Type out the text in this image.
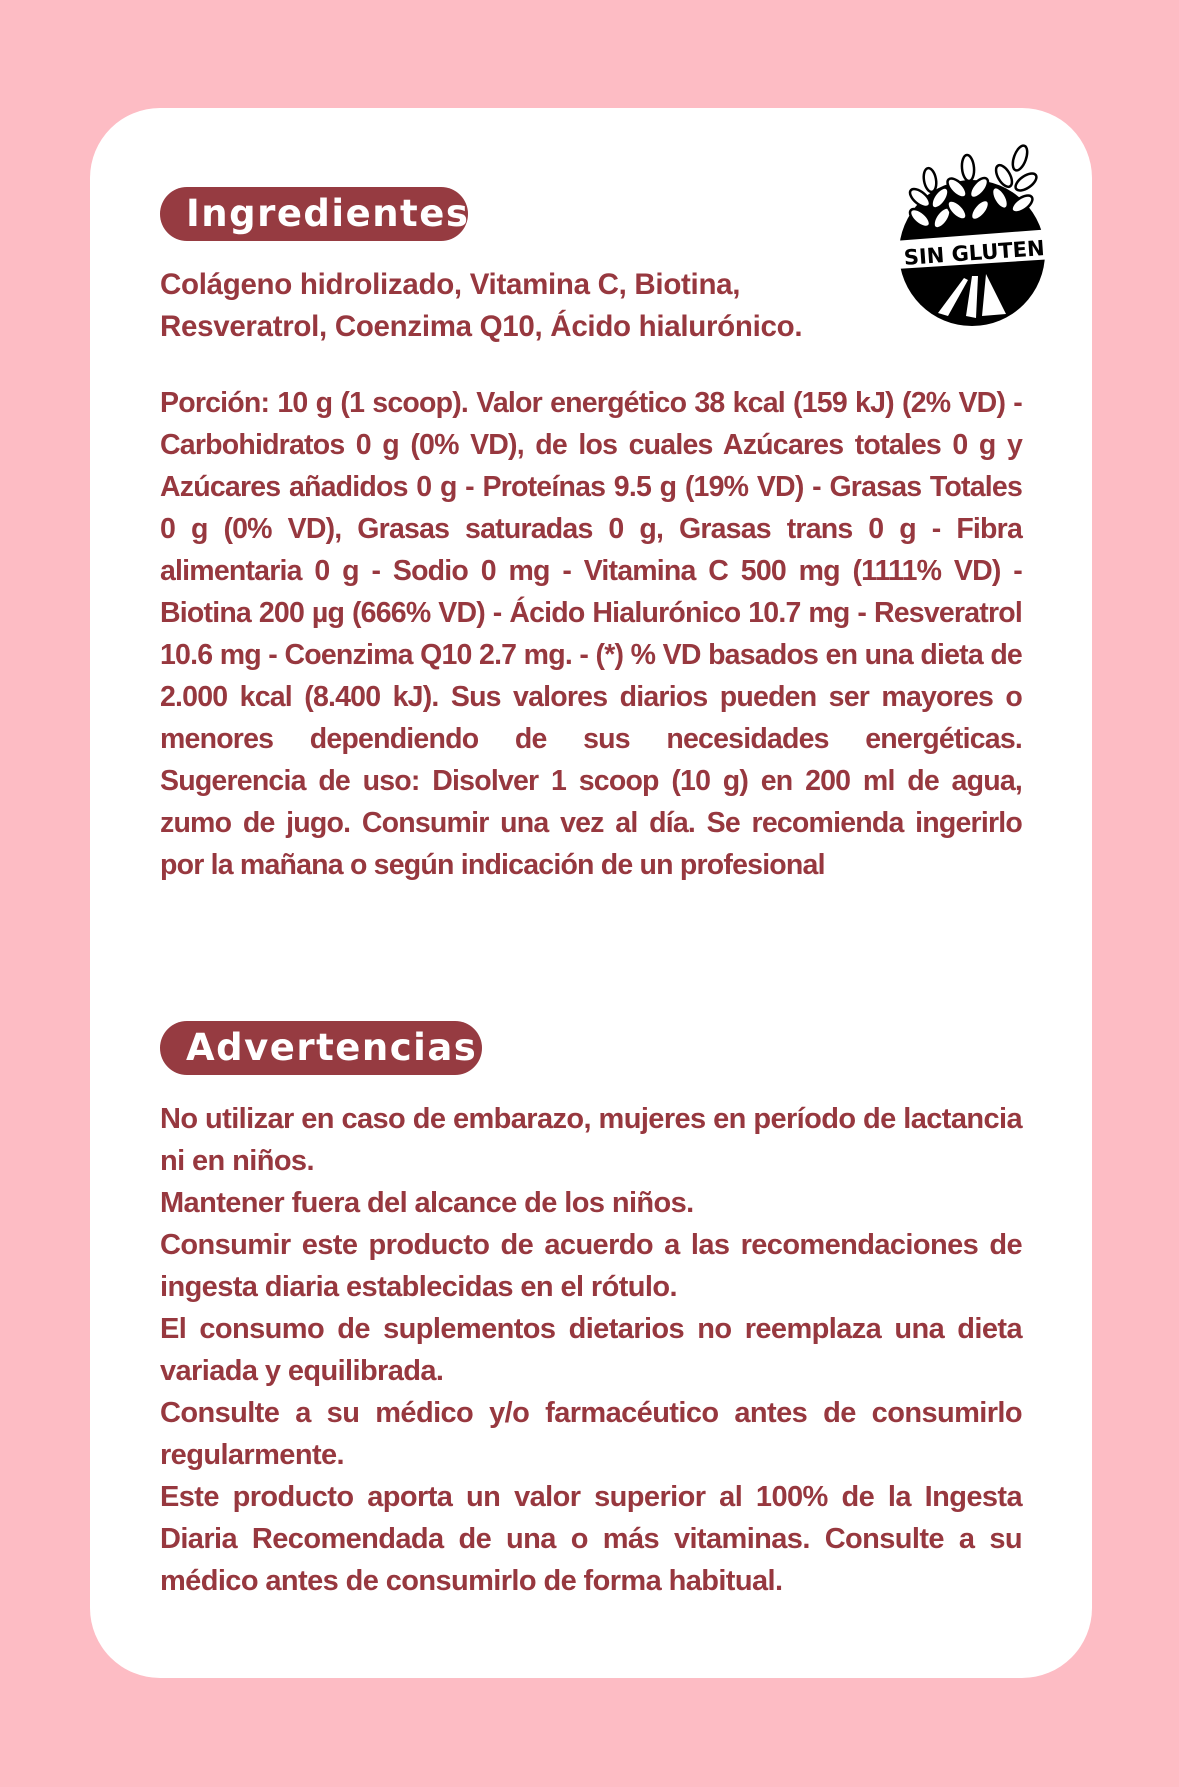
Ingredientes
SIN GLUTEN
Colágeno hidrolizado, Vitamina C, Biotina, Resveratrol, Coenzima Q10, Ácido hialurónico.
Porción: 10 g (1 scoop). Valor energético 38 kcal (159 kJ) (2% VD) - Carbohidratos 0 g (0% VD), de los cuales Azúcares totales 0 g y Azúcares añadidos 0 g - Proteínas 9.5 g (19% VD) - Grasas Totales 0 g (0% VD), Grasas saturadas 0 g, Grasas trans 0 g - Fibra alimentaria 0 g - Sodio 0 mg - Vitamina C 500 mg (1111% VD) - Biotina 200 µg (666% VD) - Ácido Hialurónico 10.7 mg - Resveratrol 10.6 mg - Coenzima Q10 2.7 mg. - (*) % VD basados en una dieta de 2.000 kcal (8.400 kJ). Sus valores diarios pueden ser mayores o menores dependiendo de sus necesidades energéticas. Sugerencia de uso: Disolver 1 scoop (10 g) en 200 ml de agua, zumo de jugo. Consumir una vez al día. Se recomienda ingerirlo por la mañana o según indicación de un profesional
Advertencias
No utilizar en caso de embarazo, mujeres en período de lactancia ni en niños.
Mantener fuera del alcance de los niños.
Consumir este producto de acuerdo a las recomendaciones de ingesta diaria establecidas en el rótulo.
El consumo de suplementos dietarios no reemplaza una dieta variada y equilibrada.
Consulte a su médico y/o farmacéutico antes de consumirlo regularmente.
Este producto aporta un valor superior al 100% de la Ingesta Diaria Recomendada de una o más vitaminas. Consulte a su médico antes de consumirlo de forma habitual.
